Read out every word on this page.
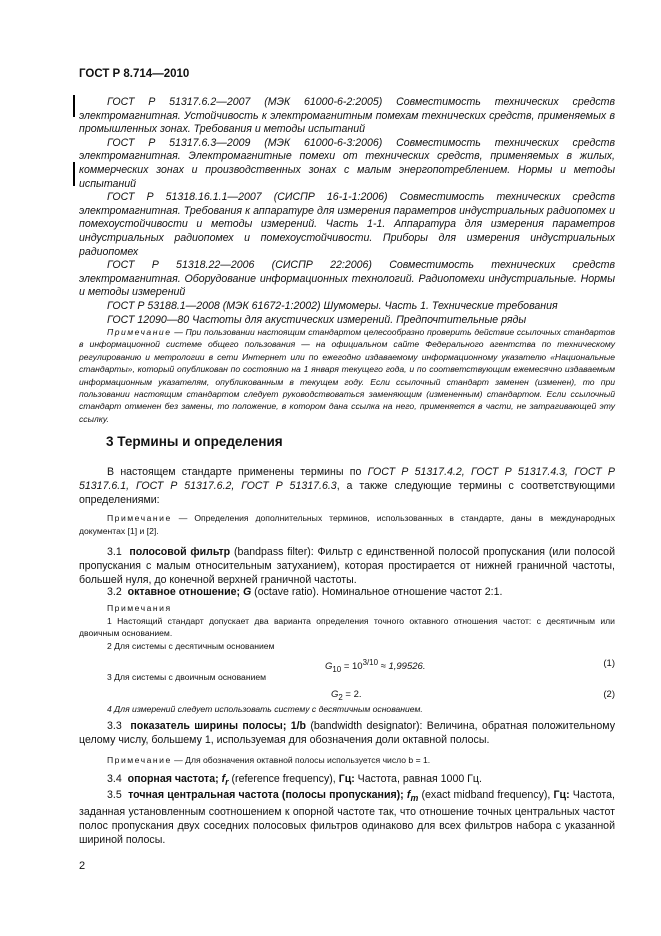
ГОСТ Р 8.714—2010

ГОСТ Р 51317.6.2—2007 (МЭК 61000-6-2:2005) Совместимость технических средств электромагнитная. Устойчивость к электромагнитным помехам технических средств, применяемых в промышленных зонах. Требования и методы испытаний

ГОСТ Р 51317.6.3—2009 (МЭК 61000-6-3:2006) Совместимость технических средств электромагнитная. Электромагнитные помехи от технических средств, применяемых в жилых, коммерческих зонах и производственных зонах с малым энергопотреблением. Нормы и методы испытаний

ГОСТ Р 51318.16.1.1—2007 (СИСПР 16-1-1:2006) Совместимость технических средств электромагнитная. Требования к аппаратуре для измерения параметров индустриальных радиопомех и помехоустойчивости и методы измерений. Часть 1-1. Аппаратура для измерения параметров индустриальных радиопомех и помехоустойчивости. Приборы для измерения индустриальных радиопомех

ГОСТ Р 51318.22—2006 (СИСПР 22:2006) Совместимость технических средств электромагнитная. Оборудование информационных технологий. Радиопомехи индустриальные. Нормы и методы измерений

ГОСТ Р 53188.1—2008 (МЭК 61672-1:2002) Шумомеры. Часть 1. Технические требования

ГОСТ 12090—80 Частоты для акустических измерений. Предпочтительные ряды

Примечание — При пользовании настоящим стандартом целесообразно проверить действие ссылочных стандартов в информационной системе общего пользования — на официальном сайте Федерального агентства по техническому регулированию и метрологии в сети Интернет или по ежегодно издаваемому информационному указателю «Национальные стандарты», который опубликован по состоянию на 1 января текущего года, и по соответствующим ежемесячно издаваемым информационным указателям, опубликованным в текущем году. Если ссылочный стандарт заменен (изменен), то при пользовании настоящим стандартом следует руководствоваться заменяющим (измененным) стандартом. Если ссылочный стандарт отменен без замены, то положение, в котором дана ссылка на него, применяется в части, не затрагивающей эту ссылку.

3 Термины и определения

В настоящем стандарте применены термины по ГОСТ Р 51317.4.2, ГОСТ Р 51317.4.3, ГОСТ Р 51317.6.1, ГОСТ Р 51317.6.2, ГОСТ Р 51317.6.3, а также следующие термины с соответствующими определениями:

Примечание — Определения дополнительных терминов, использованных в стандарте, даны в международных документах [1] и [2].

3.1 полосовой фильтр (bandpass filter): Фильтр с единственной полосой пропускания (или полосой пропускания с малым относительным затуханием), которая простирается от нижней граничной частоты, большей нуля, до конечной верхней граничной частоты.

3.2 октавное отношение; G (octave ratio). Номинальное отношение частот 2:1.

Примечания

1 Настоящий стандарт допускает два варианта определения точного октавного отношения частот: с десятичным или двоичным основанием.

2 Для системы с десятичным основанием

$G_{10} = 10^{3/10} \approx 1,99526$.	(1)

3 Для системы с двоичным основанием

$G_2 = 2$.	(2)

4 Для измерений следует использовать систему с десятичным основанием.

3.3 показатель ширины полосы; 1/b (bandwidth designator): Величина, обратная положительному целому числу, большему 1, используемая для обозначения доли октавной полосы.

Примечание — Для обозначения октавной полосы используется число b = 1.

3.4 опорная частота; $f_r$ (reference frequency), Гц: Частота, равная 1000 Гц.

3.5 точная центральная частота (полосы пропускания); $f_m$ (exact midband frequency), Гц: Частота, заданная установленным соотношением к опорной частоте так, что отношение точных центральных частот полос пропускания двух соседних полосовых фильтров одинаково для всех фильтров набора с указанной шириной полосы.

2
